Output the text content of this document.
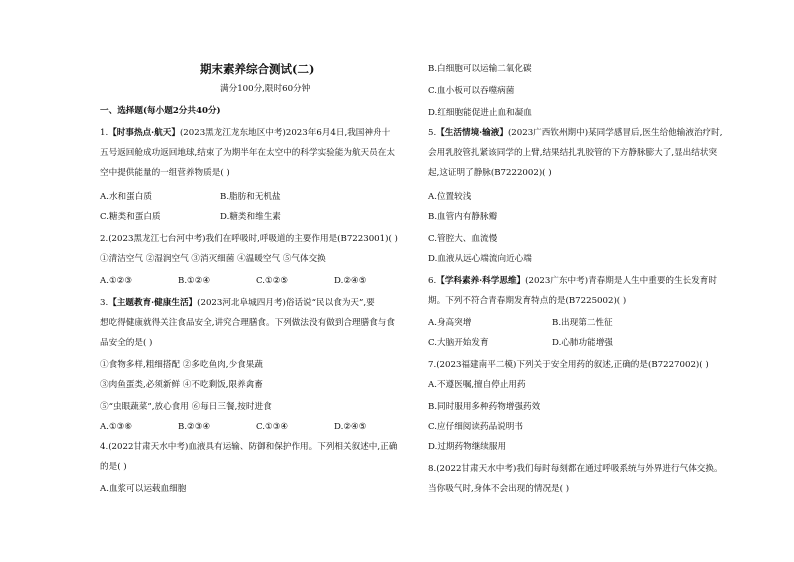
期末素养综合测试(二)
满分100分,限时60分钟
一、选择题(每小题2分共40分)
1.【时事热点·航天】(2023黑龙江龙东地区中考)2023年6月4日,我国神舟十
五号返回舱成功返回地球,结束了为期半年在太空中的科学实验能为航天员在太
空中提供能量的一组营养物质是( )
A.水和蛋白质	B.脂肪和无机盐
C.糖类和蛋白质	D.糖类和维生素
2.(2023黑龙江七台河中考)我们在呼吸时,呼吸道的主要作用是(B7223001)( )
①清洁空气 ②湿润空气 ③消灭细菌 ④温暖空气 ⑤气体交换
A.①②③	B.①②④	C.①②⑤	D.②④⑤
3.【主题教育·健康生活】(2023河北阜城四月考)俗话说“民以食为天”,要
想吃得健康就得关注食品安全,讲究合理膳食。下列做法没有做到合理膳食与食
品安全的是( )
①食物多样,粗细搭配 ②多吃鱼肉,少食果蔬
③肉鱼蛋类,必须新鲜 ④不吃剩饭,限养禽畜
⑤“虫眼蔬菜”,放心食用 ⑥每日三餐,按时进食
A.①③⑥	B.②③④	C.①③④	D.②④⑤
4.(2022甘肃天水中考)血液具有运输、防御和保护作用。下列相关叙述中,正确
的是( )
A.血浆可以运载血细胞
B.白细胞可以运输二氧化碳
C.血小板可以吞噬病菌
D.红细胞能促进止血和凝血
5.【生活情境·输液】(2023广西钦州期中)某同学感冒后,医生给他输液治疗时,
会用乳胶管扎紧该同学的上臂,结果结扎乳胶管的下方静脉膨大了,显出结状突
起,这证明了静脉(B7222002)( )
A.位置较浅
B.血管内有静脉瓣
C.管腔大、血流慢
D.血液从远心端流向近心端
6.【学科素养·科学思维】(2023广东中考)青春期是人生中重要的生长发育时
期。下列不符合青春期发育特点的是(B7225002)( )
A.身高突增	B.出现第二性征
C.大脑开始发育	D.心肺功能增强
7.(2023福建南平二模)下列关于安全用药的叙述,正确的是(B7227002)( )
A.不遵医嘱,擅自停止用药
B.同时服用多种药物增强药效
C.应仔细阅读药品说明书
D.过期药物继续服用
8.(2022甘肃天水中考)我们每时每刻都在通过呼吸系统与外界进行气体交换。
当你吸气时,身体不会出现的情况是( )
